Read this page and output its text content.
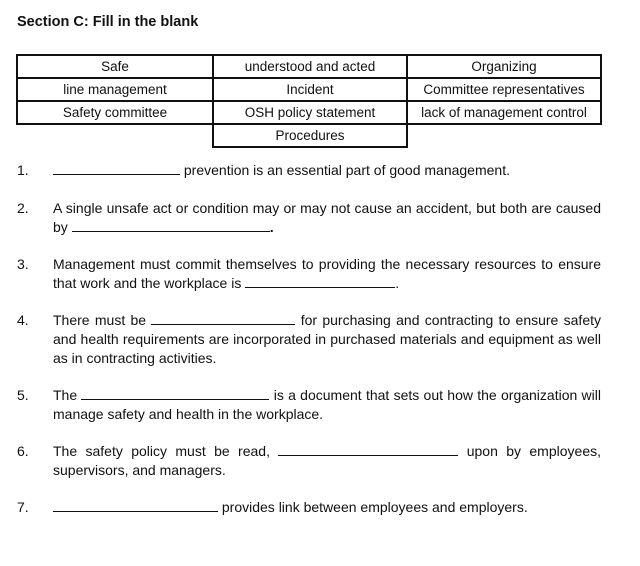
Section C: Fill in the blank
Safe	understood and acted	Organizing
line management	Incident	Committee representatives
Safety committee	OSH policy statement	lack of management control
	Procedures	
1.	prevention is an essential part of good management.
2. A single unsafe act or condition may or may not cause an accident, but both are caused by	.
3. Management must commit themselves to providing the necessary resources to ensure that work and the workplace is	.
4. There must be	for purchasing and contracting to ensure safety and health requirements are incorporated in purchased materials and equipment as well as in contracting activities.
5. The	is a document that sets out how the organization will manage safety and health in the workplace.
6. The safety policy must be read,	upon by employees, supervisors, and managers.
7.	provides link between employees and employers.
